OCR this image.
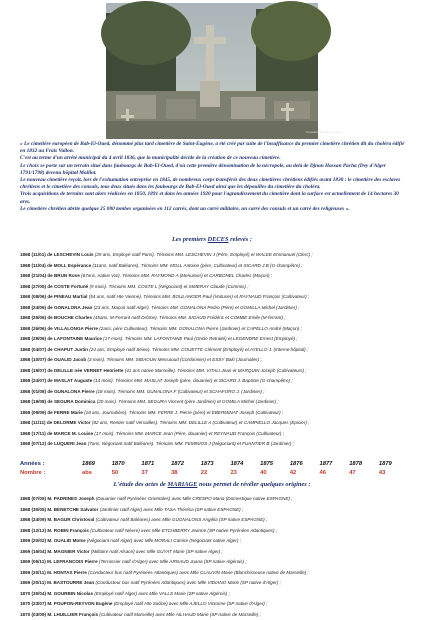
Cimetière de Saint Eugène

« Le cimetière européen de Bab-El-Oued, dénommé plus tard cimetière de Saint-Eugène, a été créé par suite de l'insuffisance du premier cimetière chrétien dit du choléra édifié en 1832 au Frais Vallon.

C'est au terme d'un arrêté municipal du 4 avril 1836, que la municipalité décide de la création de ce nouveau cimetière.

Le choix se porte sur un terrain situé dans faubourgs de Bab-El-Oued, d'où cette première dénomination de la nécropole, au delà de Djnan Hassan Pacha (Dey d'Alger 1791/1798) devenu hôpital Maillot.

Le nouveau cimetière reçoit, lors de l'exhumation entreprise en 1845, de nombreux corps transférés des deux cimetières chrétiens édifiés avant 1830 : le cimetière des esclaves chrétiens et le cimetière des consuls, tous deux situés dans les faubourgs de Bab-El-Oued ainsi que les dépouilles du cimetière du choléra.

Trois acquisitions de terrains sont alors réalisées en 1850, 1891 et dans les années 1920 pour l'agrandissement du cimetière dont la surface est actuellement de 14 hectares 30 ares.

Le cimetière chrétien abrite quelque 25 000 tombes organisées en 112 carrés, dont un carré militaire, un carré des consuls et un carré des religieuses ».

Les premiers DECES relevés :
1868 (11/01) de LESCHEVIN Louis (29 ans, Employé natif Paris). Témoins MM. LESCHEVIN J (Père, Employé) et WALEE Emmanuel (Clerc) ;
1868 (11/04) de MOLL Espérance (11ans, natif Baléares). Témoins MM. MOLL Antoine (père, Cultivateur) et SICARD J.B (G-champêtre) ;
1868 (21/04) de BRUN Rose (67ans, native Var). Témoins MM. RAYMOND A (Menuisier) et CARBONEL Charles (Maçon) ;
1868 (27/05) de COSTE Fortuné (9 mois). Témoins MM. COSTE L (Négociant) et SIMERAY Claude (Commis) ;
1868 (08/06) de PINEAU Martial (54 ans, natif Hte Vienne). Témoins MM. BOULANGER Paul (Voiturier) et RAYNAUD François (Cultivateur) ;
1868 (24/06) de GONALONA Jean (23 ans, Maçon natif Alger). Témoins MM. GONALONA Pedro (Père) et GOMILLA Michel (Jardinier) ;
1868 (25/06) de BOUCHE Charles (45ans, M-Ferrant natif Drôme). Témoins MM. SIGAUD Frédéric et COMBE Emile (M-ferrant) ;
1868 (26/06) de VILLALONGA Pierre (2ans, père Cultivateur). Témoins MM. GONALONA Pierre (Jardinier) et CAPELLO André (Maçon) ;
1868 (29/06) de LAFONTAINE Maurice (17 mois). Témoins MM. LAFONTAINE Paul (Oncle Retraité) et LEGENDRE Ernest (Employé) ;
1868 (04/07) de CHAPUT Justin (24 ans, Employé natif Seine). Témoins MM. COUETTE Clément (Employé) et AYELLO J. (Interne hôpital) ;
1868 (10/07) de OUALID Jacob (3 mois). Témoins MM. SIBAOUN Messaoud (Cordonnier) et ESSY Baki (Journalier) ;
1868 (19/07) de DELILLE née VERNET Henriette (41 ans native Marseille). Témoins MM. VITALI Jean et MARQUIN Joseph (Cultivateurs) ;
1868 (24/07) de MASLAT Auguste (14 mois). Témoins MM. MASLAT Joseph (père, douanier) et SICARD J. Baptiste (G-champêtre) ;
1868 (01/08) de GUNALONA Pierre (18 mois). Témoins MM. GUNALONA F (Cultivateur) et SCHAFORO J. (Jardinier) ;
1868 (19/08) de SEGURA Dominica (20 mois). Témoins MM. SEGURA Vincent (père Jardinier) et GOMILA Michel (Jardinier) ;
1868 (09/09) de FERRE Marie (18 ans, Journalière). Témoins MM. FERRE J. Pierre (père) et EBERMINAT Joseph (Cultivateur) ;
1868 (11/11) de DELORME Victor (82 ans, Rentier natif Versailles). Témoins MM. DELILLE A (Cultivateur) et CAMPIELLO Jacques (Epicier) ;
1868 (17/11) de MARCE M. Louise (17 mois). Témoins MM. MARCE Jean (Père, douanier) et REYNAUD François (Cultivateur) ;
1868 (07/12) de LUQUERI Jean (7ans, Négociant natif Baléares). Témoins MM. FEMINIOS J (Négociant) et FUANTIER B (Jardinier) ;
Années :	1869	1870	1871	1872	1873	1874	1875	1876	1877	1878	1879
Nombre :	abs	50	37	38	22	23	40	42	46	47	43
L'étude des actes de MARIAGE nous permet de révéler quelques origines :
1868 (07/05) M. PADRINES Joseph (Douanier natif Pyrénées Orientales) avec Mlle CRESPO Maria (Domestique native ESPAGNE) ;
1868 (30/05) M. BENETCHE Salvator (Jardinier natif Alger) avec Mlle TASA Thérésa (SP native ESPAGNE) ;
1868 (24/09) M. BAGUR Christoval (Cultivateur natif Baléares) avec Mlle GUGNALONS Angélia (SP native ESPAGNE) ;
1868 (12/12) M. ROBIN François (Cultivateur natif Nièvre) avec Mlle ETCHBERRY Jeanne (SP native Pyrénées Atlantiques) ;
1869 (20/02) M. OUALID Moïse (Négociant natif Alger) avec Mlle MORALI Camire (Négociant native Alger) ;
1869 (16/04) M. MAGNIER Victor (Militaire natif Alsace) avec Mlle GUYAT Marie (SP native Alger) ;
1869 (06/11) M. LEFRANCOIS Pierre (Terrassier natif d'Alger) avec Mlle ARNAUD Juana (SP native Algérois) ;
1869 (20/11) M. HONTAS Pierre (Conducteur bus natif Pyrénées Atlantiques) avec Mlle CLAUVIN Marie (Blanchisseuse native de Marseille) ;
1869 (20/11) M. BASTOURRE Jean (Conducteur bus natif Pyrénées Atlantiques) avec Mlle VIDIANO Marie (SP native d'Alger) ;
1870 (30/04) M. GOURBIN Nicolas (Employé natif Alger) avec Mlle VALLS Marie (SP native Algérois) ;
1870 (23/07) M. POUPON-REYVON Eugène (Employé natif Hte Saône) avec Mlle AJELLO Victorine (SP native d'Alger) ;
1870 (03/09) M. LHUILLIER François (Cultivateur natif Marseille) avec Mlle AILHAUD Marie (SP native de Marseille) ;
